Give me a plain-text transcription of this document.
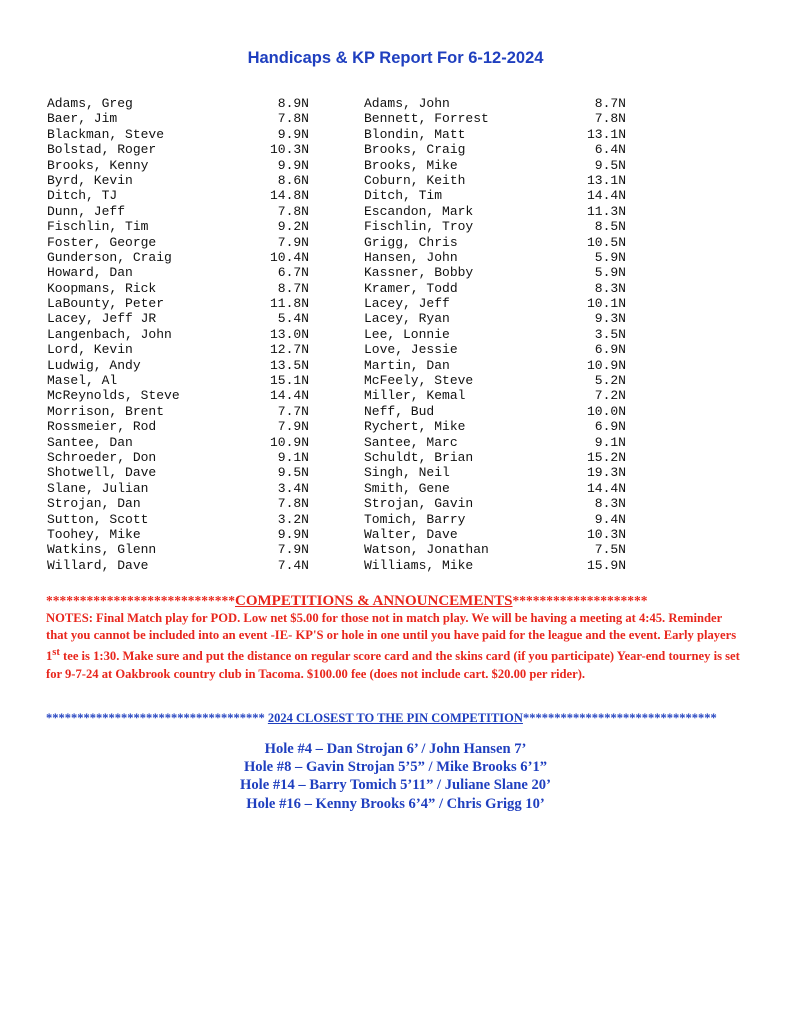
Handicaps & KP Report For 6-12-2024
Adams, Greg	8.9N
Baer, Jim	7.8N
Blackman, Steve	9.9N
Bolstad, Roger	10.3N
Brooks, Kenny	9.9N
Byrd, Kevin	8.6N
Ditch, TJ	14.8N
Dunn, Jeff	7.8N
Fischlin, Tim	9.2N
Foster, George	7.9N
Gunderson, Craig	10.4N
Howard, Dan	6.7N
Koopmans, Rick	8.7N
LaBounty, Peter	11.8N
Lacey, Jeff JR	5.4N
Langenbach, John	13.0N
Lord, Kevin	12.7N
Ludwig, Andy	13.5N
Masel, Al	15.1N
McReynolds, Steve	14.4N
Morrison, Brent	7.7N
Rossmeier, Rod	7.9N
Santee, Dan	10.9N
Schroeder, Don	9.1N
Shotwell, Dave	9.5N
Slane, Julian	3.4N
Strojan, Dan	7.8N
Sutton, Scott	3.2N
Toohey, Mike	9.9N
Watkins, Glenn	7.9N
Willard, Dave	7.4N
Adams, John	8.7N
Bennett, Forrest	7.8N
Blondin, Matt	13.1N
Brooks, Craig	6.4N
Brooks, Mike	9.5N
Coburn, Keith	13.1N
Ditch, Tim	14.4N
Escandon, Mark	11.3N
Fischlin, Troy	8.5N
Grigg, Chris	10.5N
Hansen, John	5.9N
Kassner, Bobby	5.9N
Kramer, Todd	8.3N
Lacey, Jeff	10.1N
Lacey, Ryan	9.3N
Lee, Lonnie	3.5N
Love, Jessie	6.9N
Martin, Dan	10.9N
McFeely, Steve	5.2N
Miller, Kemal	7.2N
Neff, Bud	10.0N
Rychert, Mike	6.9N
Santee, Marc	9.1N
Schuldt, Brian	15.2N
Singh, Neil	19.3N
Smith, Gene	14.4N
Strojan, Gavin	8.3N
Tomich, Barry	9.4N
Walter, Dave	10.3N
Watson, Jonathan	7.5N
Williams, Mike	15.9N
****************************COMPETITIONS & ANNOUNCEMENTS********************

NOTES: Final Match play for POD. Low net $5.00 for those not in match play. We will be having a meeting at 4:45. Reminder that you cannot be included into an event -IE- KP'S or hole in one until you have paid for the league and the event. Early players 1st tee is 1:30. Make sure and put the distance on regular score card and the skins card (if you participate) Year-end tourney is set for 9-7-24 at Oakbrook country club in Tacoma. $100.00 fee (does not include cart. $20.00 per rider).

*********************************** 2024 CLOSEST TO THE PIN COMPETITION*******************************
Hole #4 – Dan Strojan 6’ / John Hansen 7’
Hole #8 – Gavin Strojan 5’5” / Mike Brooks 6’1”
Hole #14 – Barry Tomich 5’11” / Juliane Slane 20’
Hole #16 – Kenny Brooks 6’4” / Chris Grigg 10’
